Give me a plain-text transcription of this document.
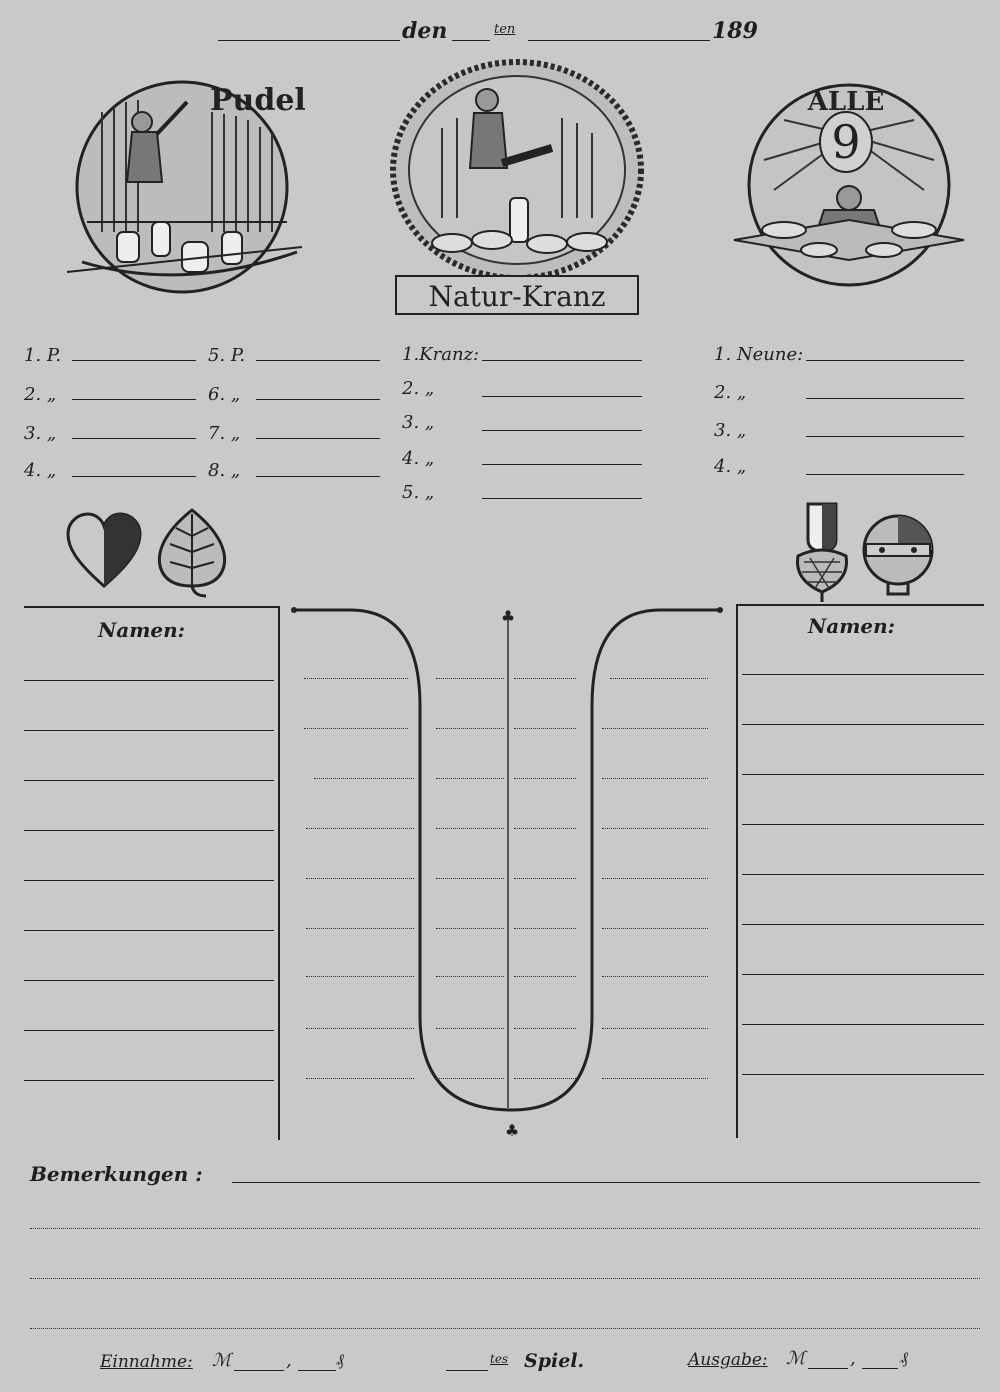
den	ten	189
Pudel
Natur-Kranz
9
ALLE
1. P.
2. „
3. „
4. „
5. P.
6. „
7. „
8. „
1.Kranz:
2. „
3. „
4. „
5. „
1. Neune:
2. „
3. „
4. „
Namen:	Namen:
♣
♣
Bemerkungen :
Einnahme: ℳ	,	₰	tes Spiel.	Ausgabe: ℳ ,	₰
